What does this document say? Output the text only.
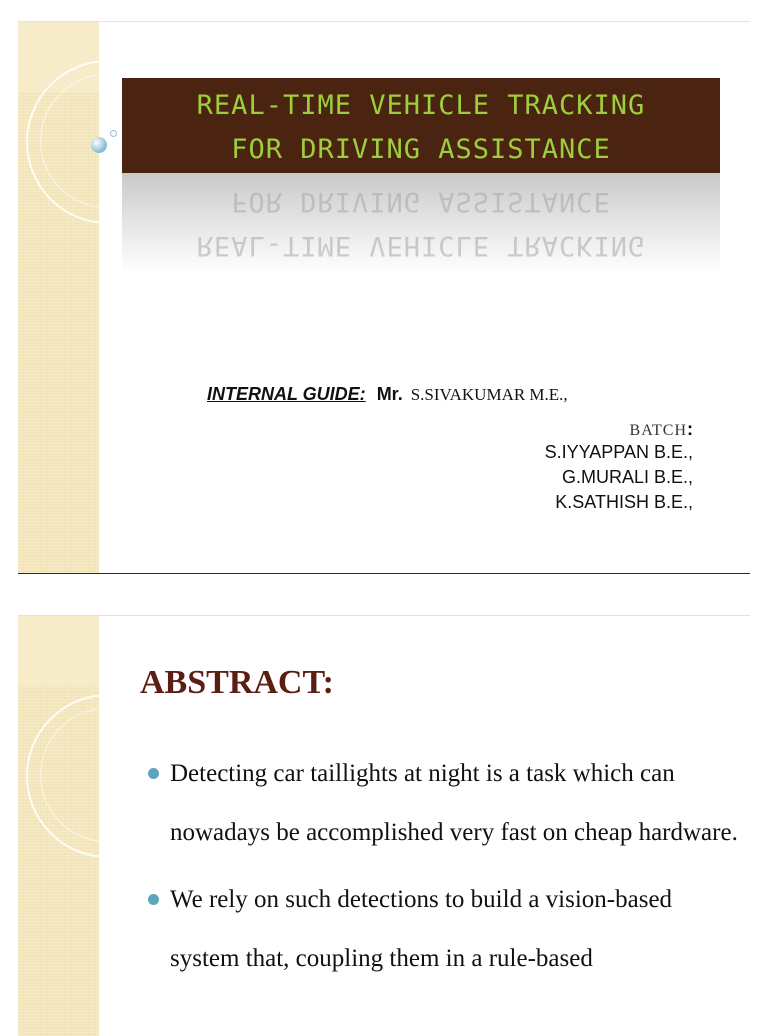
REAL-TIME VEHICLE TRACKING
FOR DRIVING ASSISTANCE
REAL-TIME VEHICLE TRACKING
FOR DRIVING ASSISTANCE
INTERNAL GUIDE: Mr. S.SIVAKUMAR M.E.,
BATCH:
S.IYYAPPAN B.E.,
G.MURALI B.E.,
K.SATHISH B.E.,
ABSTRACT:
Detecting car taillights at night is a task which can nowadays be accomplished very fast on cheap hardware.
We rely on such detections to build a vision-based system that, coupling them in a rule-based
